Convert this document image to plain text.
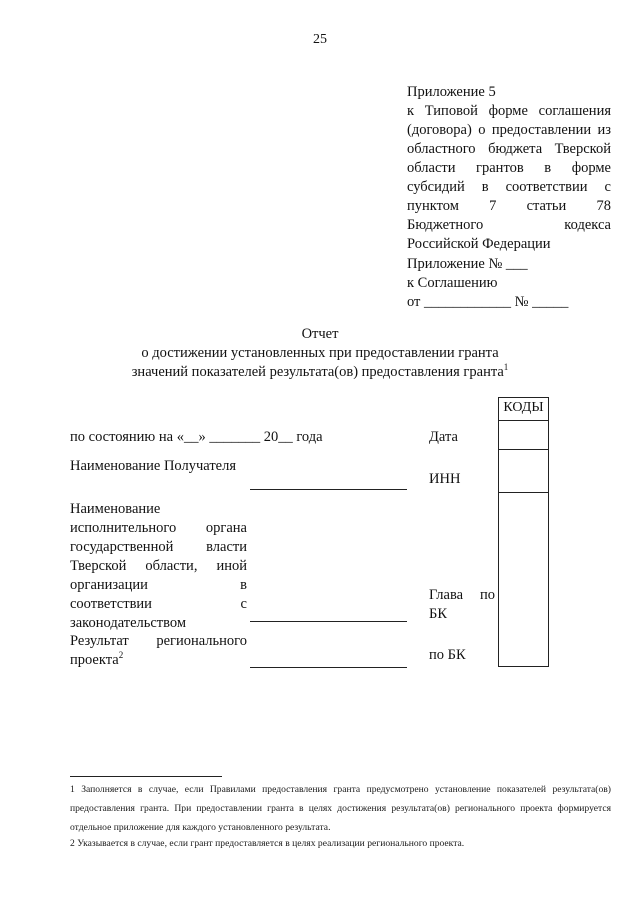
25
Приложение 5
к Типовой форме соглашения
(договора) о предоставлении из
областного бюджета Тверской
области грантов в форме
субсидий в соответствии с
пунктом 7 статьи 78
Бюджетного кодекса
Российской Федерации
Приложение № ___
к Соглашению
от ____________ № _____
Отчет
о достижении установленных при предоставлении гранта
значений показателей результата(ов) предоставления гранта$^1$
КОДЫ
по состоянию на «__» _______ 20__ года	Дата
Наименование Получателя
ИНН
Наименование
исполнительного органа
государственной власти
Тверской области, иной
организации в
соответствии с
законодательством
Глава по
БК
Результат регионального
проекта$^2$	по БК
1 Заполняется в случае, если Правилами предоставления гранта предусмотрено установление показателей результата(ов)
предоставления гранта. При предоставлении гранта в целях достижения результата(ов) регионального проекта формируется
отдельное приложение для каждого установленного результата.
2 Указывается в случае, если грант предоставляется в целях реализации регионального проекта.
